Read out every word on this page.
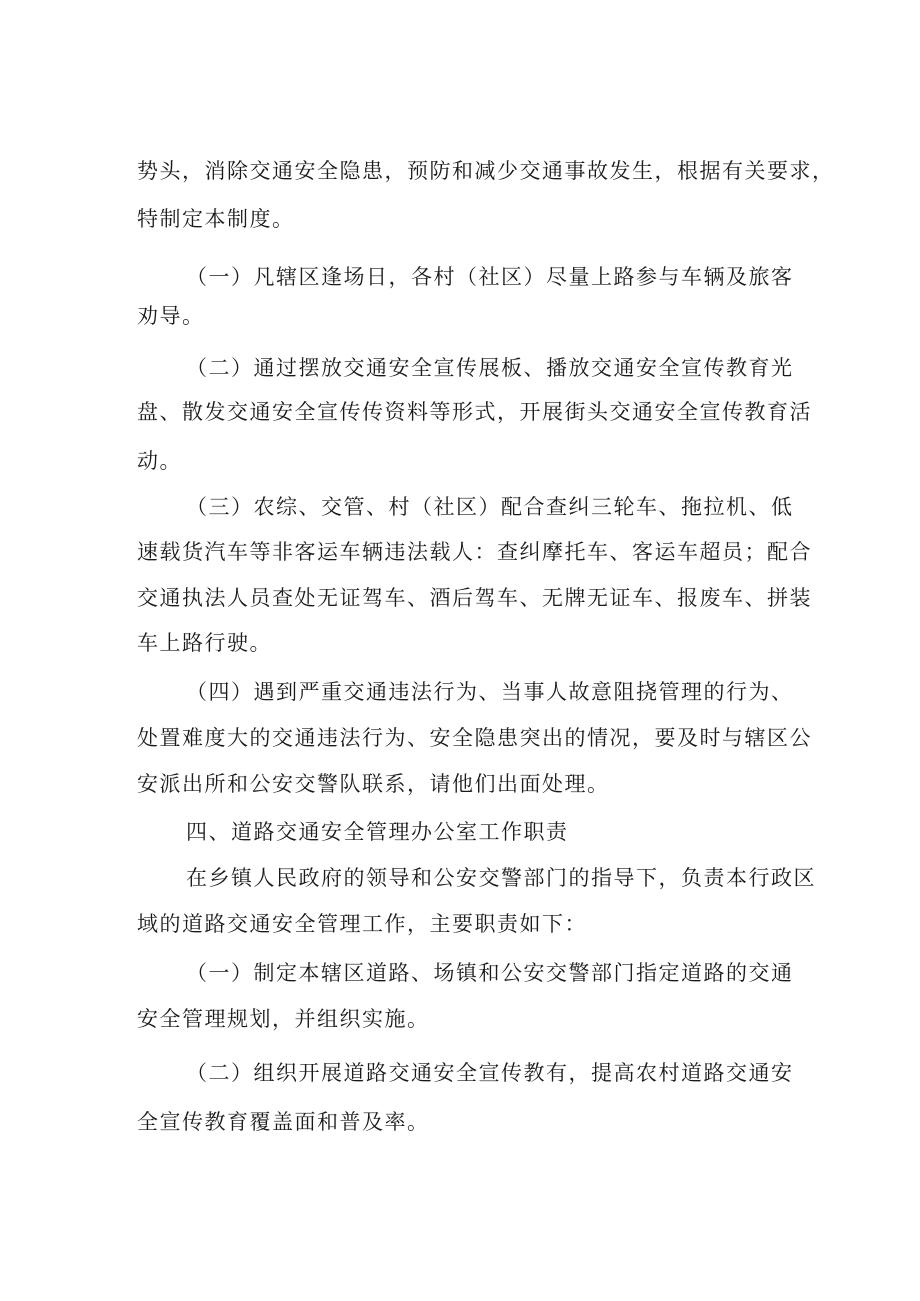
势头，消除交通安全隐患，预防和减少交通事故发生，根据有关要求，
特制定本制度。
（一）凡辖区逢场日，各村（社区）尽量上路参与车辆及旅客
劝导。
（二）通过摆放交通安全宣传展板、播放交通安全宣传教育光
盘、散发交通安全宣传传资料等形式，开展街头交通安全宣传教育活
动。
（三）农综、交管、村（社区）配合查纠三轮车、拖拉机、低
速载货汽车等非客运车辆违法载人：查纠摩托车、客运车超员；配合
交通执法人员查处无证驾车、酒后驾车、无牌无证车、报废车、拼装
车上路行驶。
（四）遇到严重交通违法行为、当事人故意阻挠管理的行为、
处置难度大的交通违法行为、安全隐患突出的情况，要及时与辖区公
安派出所和公安交警队联系，请他们出面处理。
四、道路交通安全管理办公室工作职责
在乡镇人民政府的领导和公安交警部门的指导下，负责本行政区
域的道路交通安全管理工作，主要职责如下：
（一）制定本辖区道路、场镇和公安交警部门指定道路的交通
安全管理规划，并组织实施。
（二）组织开展道路交通安全宣传教有，提高农村道路交通安
全宣传教育覆盖面和普及率。
